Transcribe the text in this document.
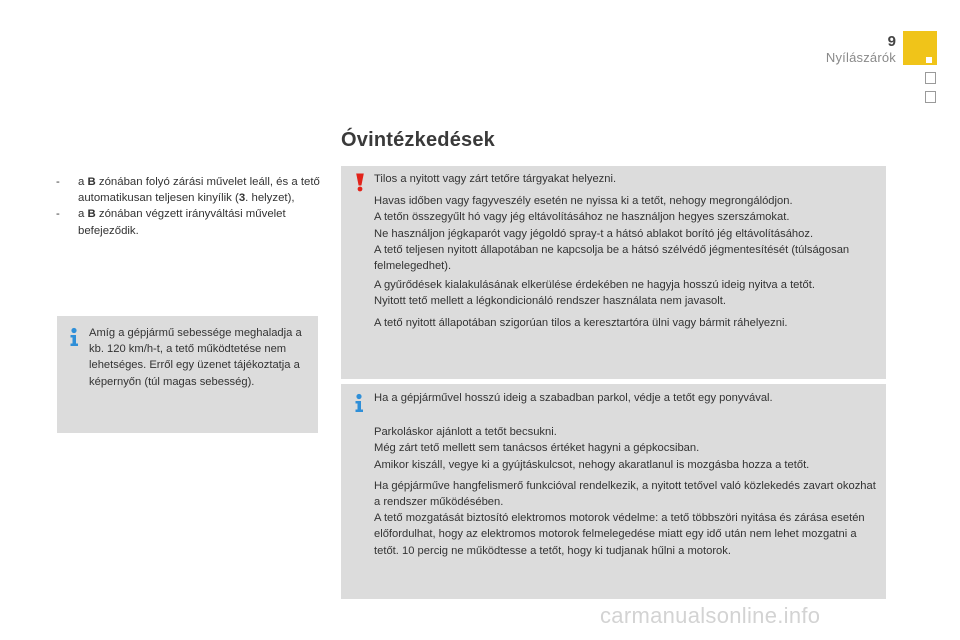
9
Nyílászárók
-	a B zónában folyó zárási művelet leáll, és a tető automatikusan teljesen kinyílik (3. helyzet),
-	a B zónában végzett irányváltási művelet befejeződik.
Amíg a gépjármű sebessége meghaladja a kb. 120 km/h-t, a tető működtetése nem lehetséges. Erről egy üzenet tájékoztatja a képernyőn (túl magas sebesség).
Óvintézkedések

Tilos a nyitott vagy zárt tetőre tárgyakat helyezni.

Havas időben vagy fagyveszély esetén ne nyissa ki a tetőt, nehogy megrongálódjon.

A tetőn összegyűlt hó vagy jég eltávolításához ne használjon hegyes szerszámokat.

Ne használjon jégkaparót vagy jégoldó spray-t a hátsó ablakot borító jég eltávolításához.

A tető teljesen nyitott állapotában ne kapcsolja be a hátsó szélvédő jégmentesítését (túlságosan felmelegedhet).

A gyűrődések kialakulásának elkerülése érdekében ne hagyja hosszú ideig nyitva a tetőt.

Nyitott tető mellett a légkondicionáló rendszer használata nem javasolt.

A tető nyitott állapotában szigorúan tilos a keresztartóra ülni vagy bármit ráhelyezni.

Ha a gépjárművel hosszú ideig a szabadban parkol, védje a tetőt egy ponyvával.

Parkoláskor ajánlott a tetőt becsukni.

Még zárt tető mellett sem tanácsos értéket hagyni a gépkocsiban.

Amikor kiszáll, vegye ki a gyújtáskulcsot, nehogy akaratlanul is mozgásba hozza a tetőt.

Ha gépjárműve hangfelismerő funkcióval rendelkezik, a nyitott tetővel való közlekedés zavart okozhat a rendszer működésében.

A tető mozgatását biztosító elektromos motorok védelme: a tető többszöri nyitása és zárása esetén előfordulhat, hogy az elektromos motorok felmelegedése miatt egy idő után nem lehet mozgatni a tetőt. 10 percig ne működtesse a tetőt, hogy ki tudjanak hűlni a motorok.

carmanualsonline.info
